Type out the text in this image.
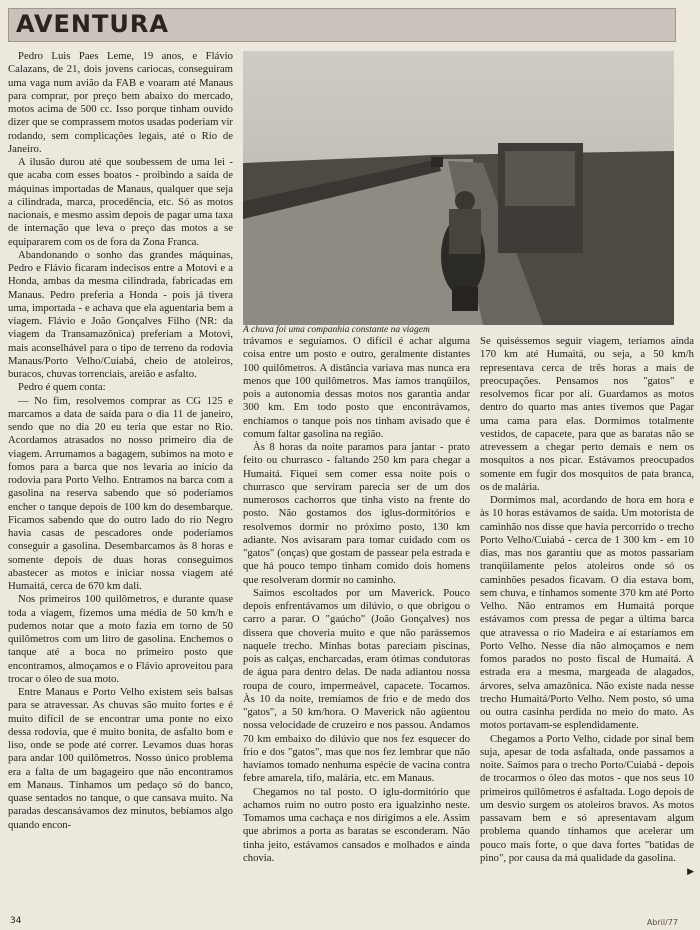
AVENTURA

Pedro Luis Paes Leme, 19 anos, e Flávio Calazans, de 21, dois jovens cariocas, conseguiram uma vaga num avião da FAB e voaram até Manaus para comprar, por preço bem abaixo do mercado, motos acima de 500 cc. Isso porque tinham ouvido dizer que se comprassem motos usadas poderiam vir rodando, sem complicações legais, até o Rio de Janeiro.

A ilusão durou até que soubessem de uma lei - que acaba com esses boatos - proibindo a saída de máquinas importadas de Manaus, qualquer que seja a cilindrada, marca, procedência, etc. Só as motos nacionais, e mesmo assim depois de pagar uma taxa de internação que leva o preço das motos a se equipararem com os de fora da Zona Franca.

Abandonando o sonho das grandes máquinas, Pedro e Flávio ficaram indecisos entre a Motovi e a Honda, ambas da mesma cilindrada, fabricadas em Manaus. Pedro preferia a Honda - pois já tivera uma, importada - e achava que ela aguentaria bem a viagem. Flávio e João Gonçalves Filho (NR: da viagem da Transamazônica) preferiam a Motovi, mais aconselhável para o tipo de terreno da rodovia Manaus/Porto Velho/Cuiabá, cheio de atoleiros, buracos, chuvas torrenciais, areião e asfalto.

Pedro é quem conta:

— No fim, resolvemos comprar as CG 125 e marcamos a data de saída para o dia 11 de janeiro, sendo que no dia 20 eu teria que estar no Rio. Acordamos atrasados no nosso primeiro dia de viagem. Arrumamos a bagagem, subimos na moto e fomos para a barca que nos levaria ao início da rodovia para Porto Velho. Entramos na barca com a gasolina na reserva sabendo que só poderíamos encher o tanque depois de 100 km do desembarque. Ficamos sabendo que do outro lado do rio Negro havia casas de pescadores onde poderíamos conseguir a gasolina. Desembarcamos às 8 horas e somente depois de duas horas conseguimos abastecer as motos e iniciar nossa viagem até Humaitá, cerca de 670 km dali.

Nos primeiros 100 quilômetros, e durante quase toda a viagem, fizemos uma média de 50 km/h e pudemos notar que a moto fazia em torno de 50 quilômetros com um litro de gasolina. Enchemos o tanque até a boca no primeiro posto que encontramos, almoçamos e o Flávio aproveitou para trocar o óleo de sua moto.

Entre Manaus e Porto Velho existem seis balsas para se atravessar. As chuvas são muito fortes e é muito difícil de se encontrar uma ponte no eixo dessa rodovia, que é muito bonita, de asfalto bom e liso, onde se pode até correr. Levamos duas horas para andar 100 quilômetros. Nosso único problema era a falta de um bagageiro que não encontramos em Manaus. Tínhamos um pedaço só do banco, quase sentados no tanque, o que cansava muito. Na paradas descansávamos dez minutos, bebíamos algo quando encon-

A chuva foi uma companhia constante na viagem

trávamos e seguíamos. O difícil é achar alguma coisa entre um posto e outro, geralmente distantes 100 quilômetros. A distância variava mas nunca era menos que 100 quilômetros. Mas íamos tranqüilos, pois a autonomia dessas motos nos garantia andar 300 km. Em todo posto que encontrávamos, enchíamos o tanque pois nos tinham avisado que é comum faltar gasolina na região.

Às 8 horas da noite paramos para jantar - prato feito ou churrasco - faltando 250 km para chegar a Humaitá. Fiquei sem comer essa noite pois o churrasco que serviram parecia ser de um dos numerosos cachorros que tinha visto na frente do posto. Não gostamos dos iglus-dormitórios e resolvemos dormir no próximo posto, 130 km adiante. Nos avisaram para tomar cuidado com os "gatos" (onças) que gostam de passear pela estrada e que há pouco tempo tinham comido dois homens que resolveram dormir no caminho.

Saímos escoltados por um Maverick. Pouco depois enfrentávamos um dilúvio, o que obrigou o carro a parar. O "gaúcho" (João Gonçalves) nos dissera que choveria muito e que não parássemos naquele trecho. Minhas botas pareciam piscinas, pois as calças, encharcadas, eram ótimas condutoras de água para dentro delas. De nada adiantou nossa roupa de couro, impermeável, capacete. Tocamos. Às 10 da noite, tremíamos de frio e de medo dos "gatos", a 50 km/hora. O Maverick não agüentou nossa velocidade de cruzeiro e nos passou. Andamos 70 km embaixo do dilúvio que nos fez esquecer do frio e dos "gatos", mas que nos fez lembrar que não havíamos tomado nenhuma espécie de vacina contra febre amarela, tifo, malária, etc. em Manaus.

Chegamos no tal posto. O iglu-dormitório que achamos ruim no outro posto era igualzinho neste. Tomamos uma cachaça e nos dirigimos a ele. Assim que abrimos a porta as baratas se esconderam. Não tinha jeito, estávamos cansados e molhados e ainda chovia.

Se quiséssemos seguir viagem, teríamos ainda 170 km até Humaitá, ou seja, a 50 km/h representava cerca de três horas a mais de preocupações. Pensamos nos "gatos" e resolvemos ficar por ali. Guardamos as motos dentro do quarto mas antes tivemos que Pagar uma cama para elas. Dormimos totalmente vestidos, de capacete, para que as baratas não se atrevessem a chegar perto demais e nem os mosquitos a nos picar. Estávamos preocupados somente em fugir dos mosquitos de pata branca, os de malária.

Dormimos mal, acordando de hora em hora e às 10 horas estávamos de saída. Um motorista de caminhão nos disse que havia percorrido o trecho Porto Velho/Cuiabá - cerca de 1 300 km - em 10 dias, mas nos garantiu que as motos passariam tranqüilamente pelos atoleiros onde só os caminhões pesados ficavam. O dia estava bom, sem chuva, e tínhamos somente 370 km até Porto Velho. Não entramos em Humaitá porque estávamos com pressa de pegar a última barca que atravessa o rio Madeira e aí estaríamos em Porto Velho. Nesse dia não almoçamos e nem fomos parados no posto fiscal de Humaitá. A estrada era a mesma, margeada de alagados, árvores, selva amazônica. Não existe nada nesse trecho Humaitá/Porto Velho. Nem posto, só uma ou outra casinha perdida no meio do mato. As motos portavam-se esplendidamente.

Chegamos a Porto Velho, cidade por sinal bem suja, apesar de toda asfaltada, onde passamos a noite. Saímos para o trecho Porto/Cuiabá - depois de trocarmos o óleo das motos - que nos seus 10 primeiros quilômetros é asfaltada. Logo depois de um desvio surgem os atoleiros bravos. As motos passavam bem e só apresentavam algum problema quando tínhamos que acelerar um pouco mais forte, o que dava fortes "batidas de pino", por causa da má qualidade da gasolina.

▶

34	Abril/77
